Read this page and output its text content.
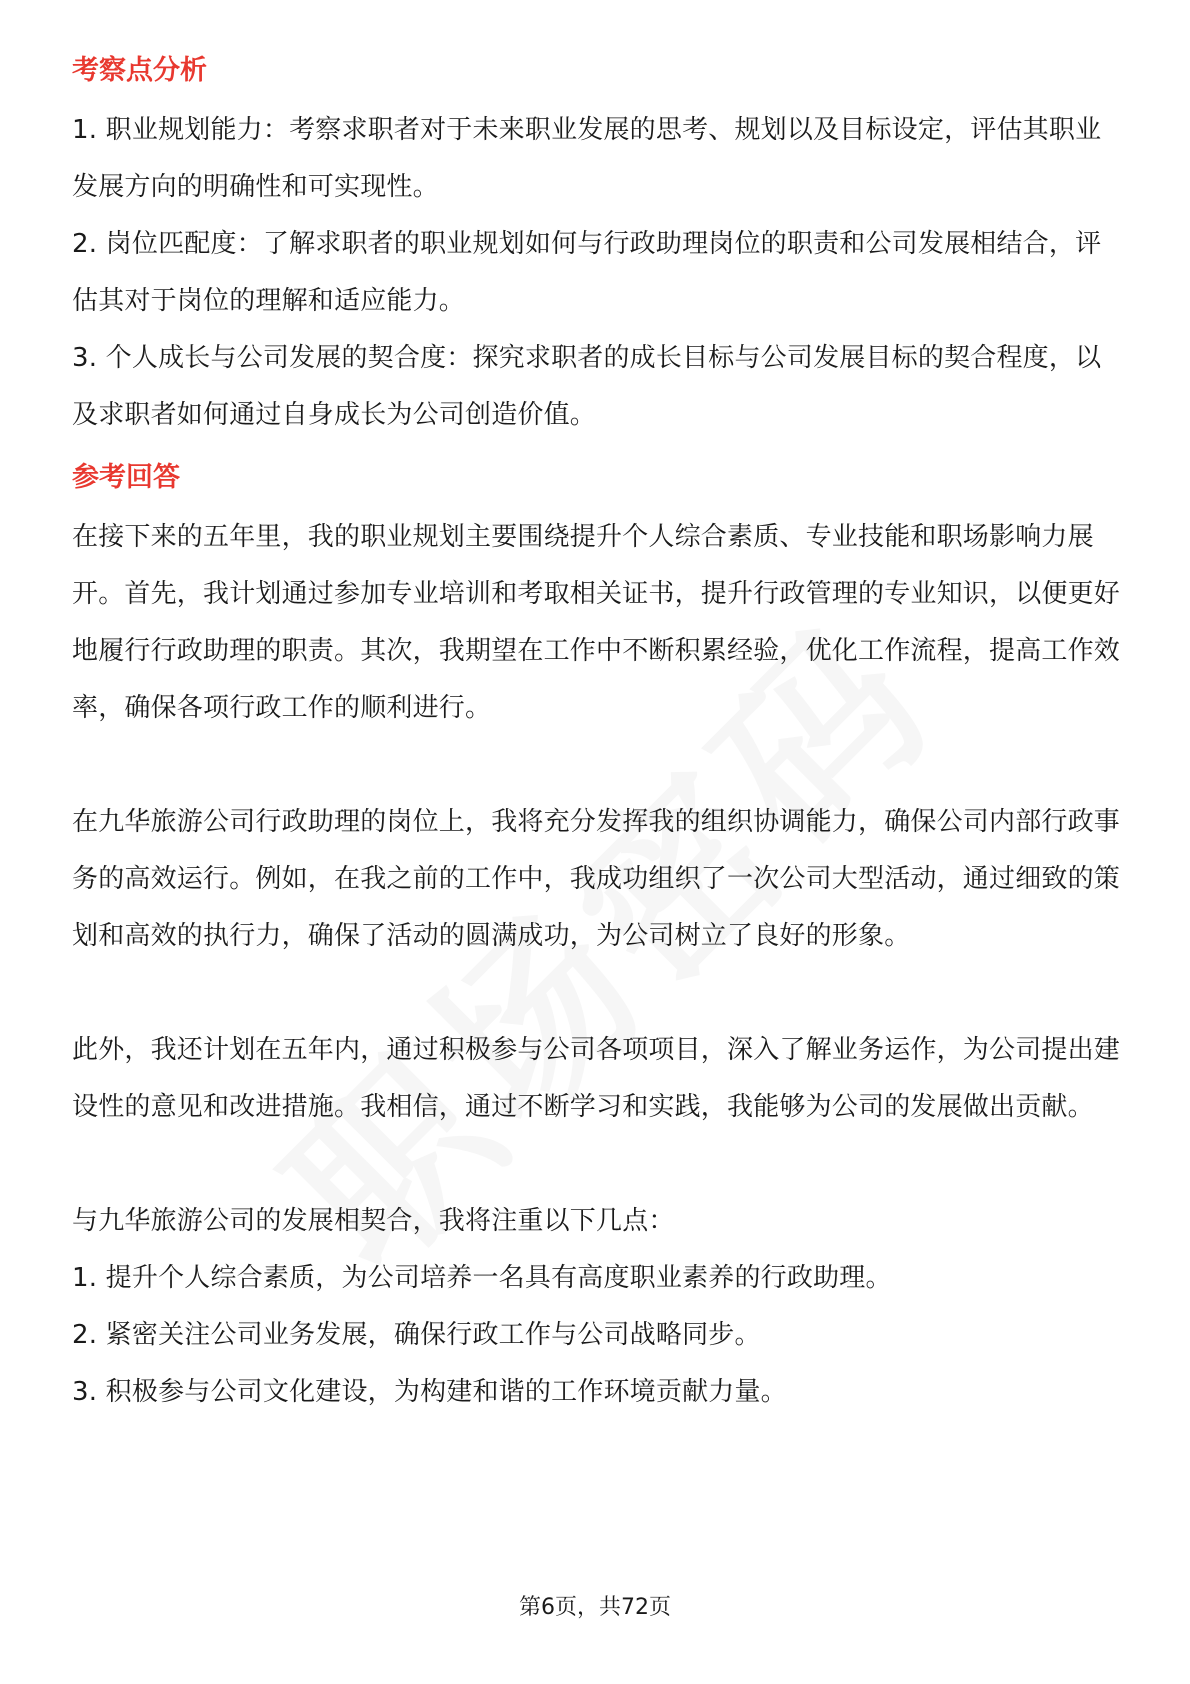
考察点分析

1. 职业规划能力：考察求职者对于未来职业发展的思考、规划以及目标设定，评估其职业发展方向的明确性和可实现性。

2. 岗位匹配度：了解求职者的职业规划如何与行政助理岗位的职责和公司发展相结合，评估其对于岗位的理解和适应能力。

3. 个人成长与公司发展的契合度：探究求职者的成长目标与公司发展目标的契合程度，以及求职者如何通过自身成长为公司创造价值。

参考回答

在接下来的五年里，我的职业规划主要围绕提升个人综合素质、专业技能和职场影响力展开。首先，我计划通过参加专业培训和考取相关证书，提升行政管理的专业知识，以便更好地履行行政助理的职责。其次，我期望在工作中不断积累经验，优化工作流程，提高工作效率，确保各项行政工作的顺利进行。

在九华旅游公司行政助理的岗位上，我将充分发挥我的组织协调能力，确保公司内部行政事务的高效运行。例如，在我之前的工作中，我成功组织了一次公司大型活动，通过细致的策划和高效的执行力，确保了活动的圆满成功，为公司树立了良好的形象。

此外，我还计划在五年内，通过积极参与公司各项项目，深入了解业务运作，为公司提出建设性的意见和改进措施。我相信，通过不断学习和实践，我能够为公司的发展做出贡献。

与九华旅游公司的发展相契合，我将注重以下几点：

1. 提升个人综合素质，为公司培养一名具有高度职业素养的行政助理。

2. 紧密关注公司业务发展，确保行政工作与公司战略同步。

3. 积极参与公司文化建设，为构建和谐的工作环境贡献力量。

第6页，共72页
